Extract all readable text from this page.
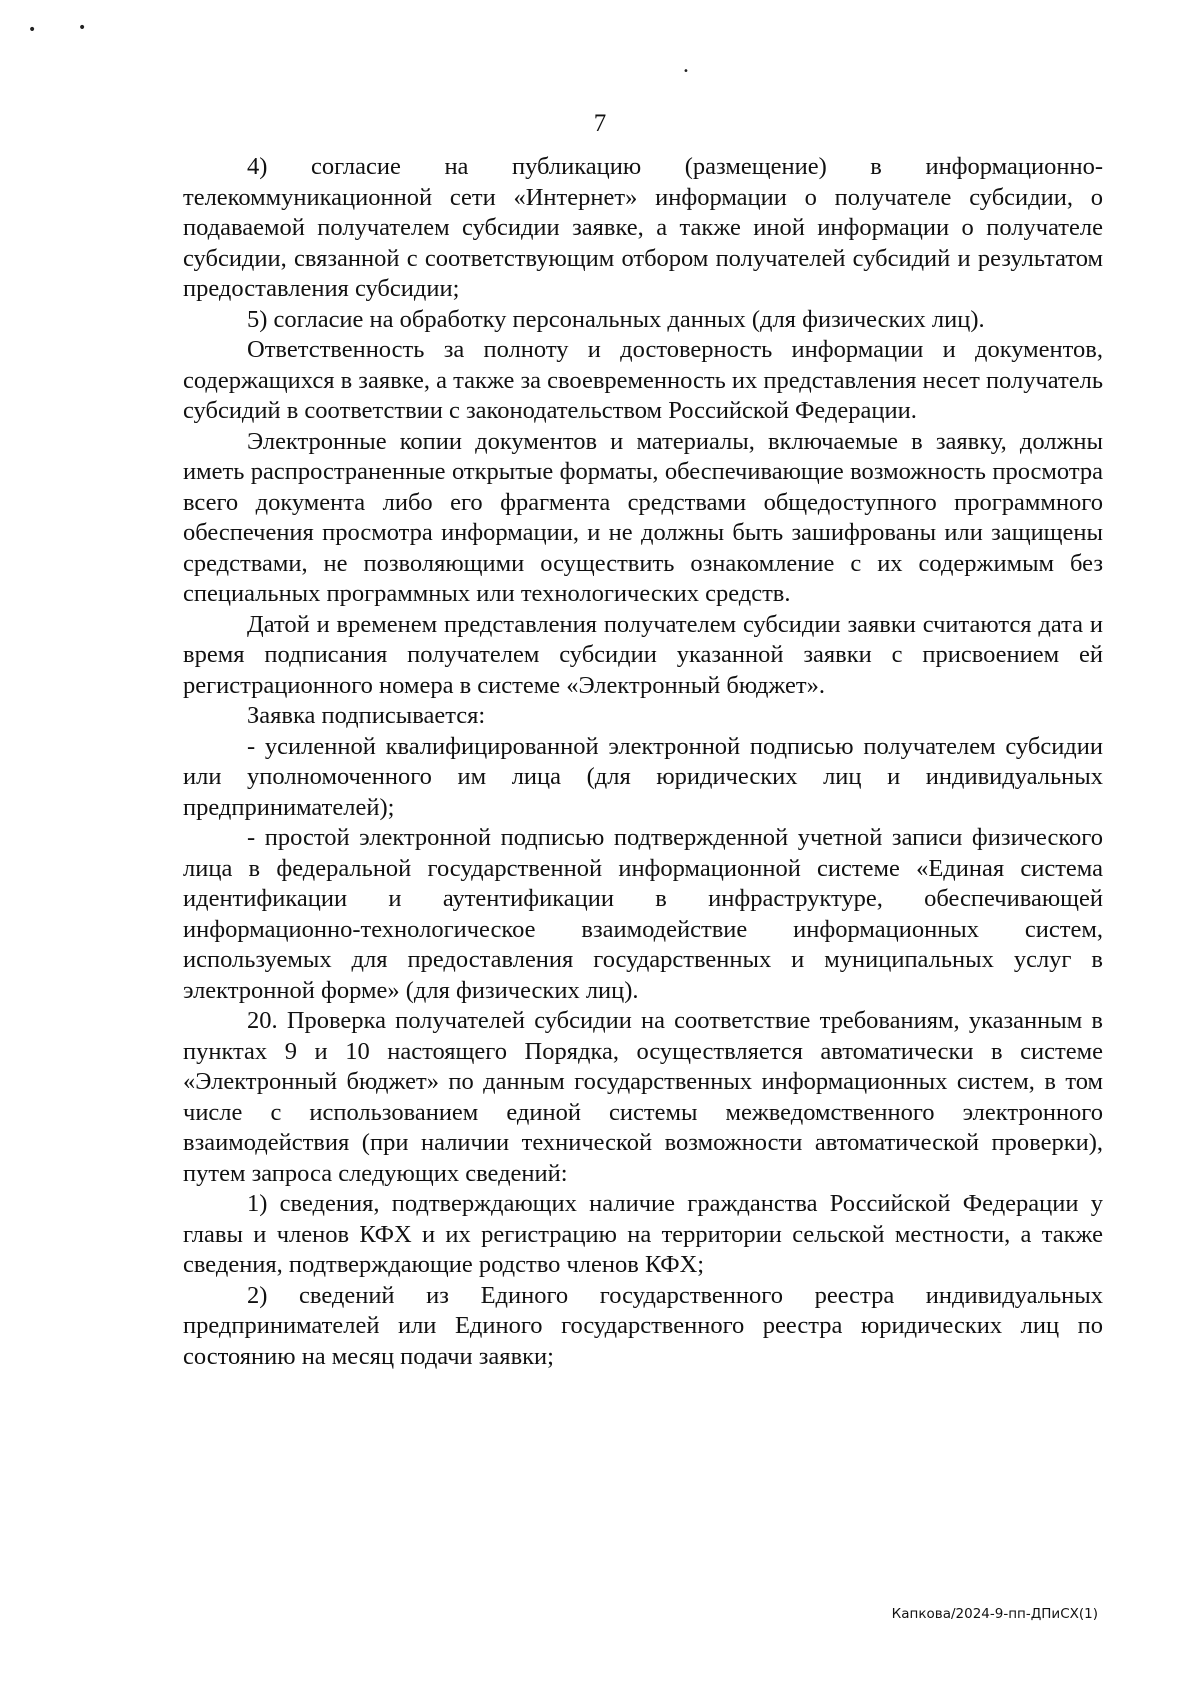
•	•
•
7

4) согласие на публикацию (размещение) в информационно-телекоммуникационной сети «Интернет» информации о получателе субсидии, о подаваемой получателем субсидии заявке, а также иной информации о получателе субсидии, связанной с соответствующим отбором получателей субсидий и результатом предоставления субсидии;

5) согласие на обработку персональных данных (для физических лиц).

Ответственность за полноту и достоверность информации и документов, содержащихся в заявке, а также за своевременность их представления несет получатель субсидий в соответствии с законодательством Российской Федерации.

Электронные копии документов и материалы, включаемые в заявку, должны иметь распространенные открытые форматы, обеспечивающие возможность просмотра всего документа либо его фрагмента средствами общедоступного программного обеспечения просмотра информации, и не должны быть зашифрованы или защищены средствами, не позволяющими осуществить ознакомление с их содержимым без специальных программных или технологических средств.

Датой и временем представления получателем субсидии заявки считаются дата и время подписания получателем субсидии указанной заявки с присвоением ей регистрационного номера в системе «Электронный бюджет».

Заявка подписывается:

- усиленной квалифицированной электронной подписью получателем субсидии или уполномоченного им лица (для юридических лиц и индивидуальных предпринимателей);

- простой электронной подписью подтвержденной учетной записи физического лица в федеральной государственной информационной системе «Единая система идентификации и аутентификации в инфраструктуре, обеспечивающей информационно-технологическое взаимодействие информационных систем, используемых для предоставления государственных и муниципальных услуг в электронной форме» (для физических лиц).

20. Проверка получателей субсидии на соответствие требованиям, указанным в пунктах 9 и 10 настоящего Порядка, осуществляется автоматически в системе «Электронный бюджет» по данным государственных информационных систем, в том числе с использованием единой системы межведомственного электронного взаимодействия (при наличии технической возможности автоматической проверки), путем запроса следующих сведений:

1) сведения, подтверждающих наличие гражданства Российской Федерации у главы и членов КФХ и их регистрацию на территории сельской местности, а также сведения, подтверждающие родство членов КФХ;

2) сведений из Единого государственного реестра индивидуальных предпринимателей или Единого государственного реестра юридических лиц по состоянию на месяц подачи заявки;

Капкова/2024-9-пп-ДПиСХ(1)
